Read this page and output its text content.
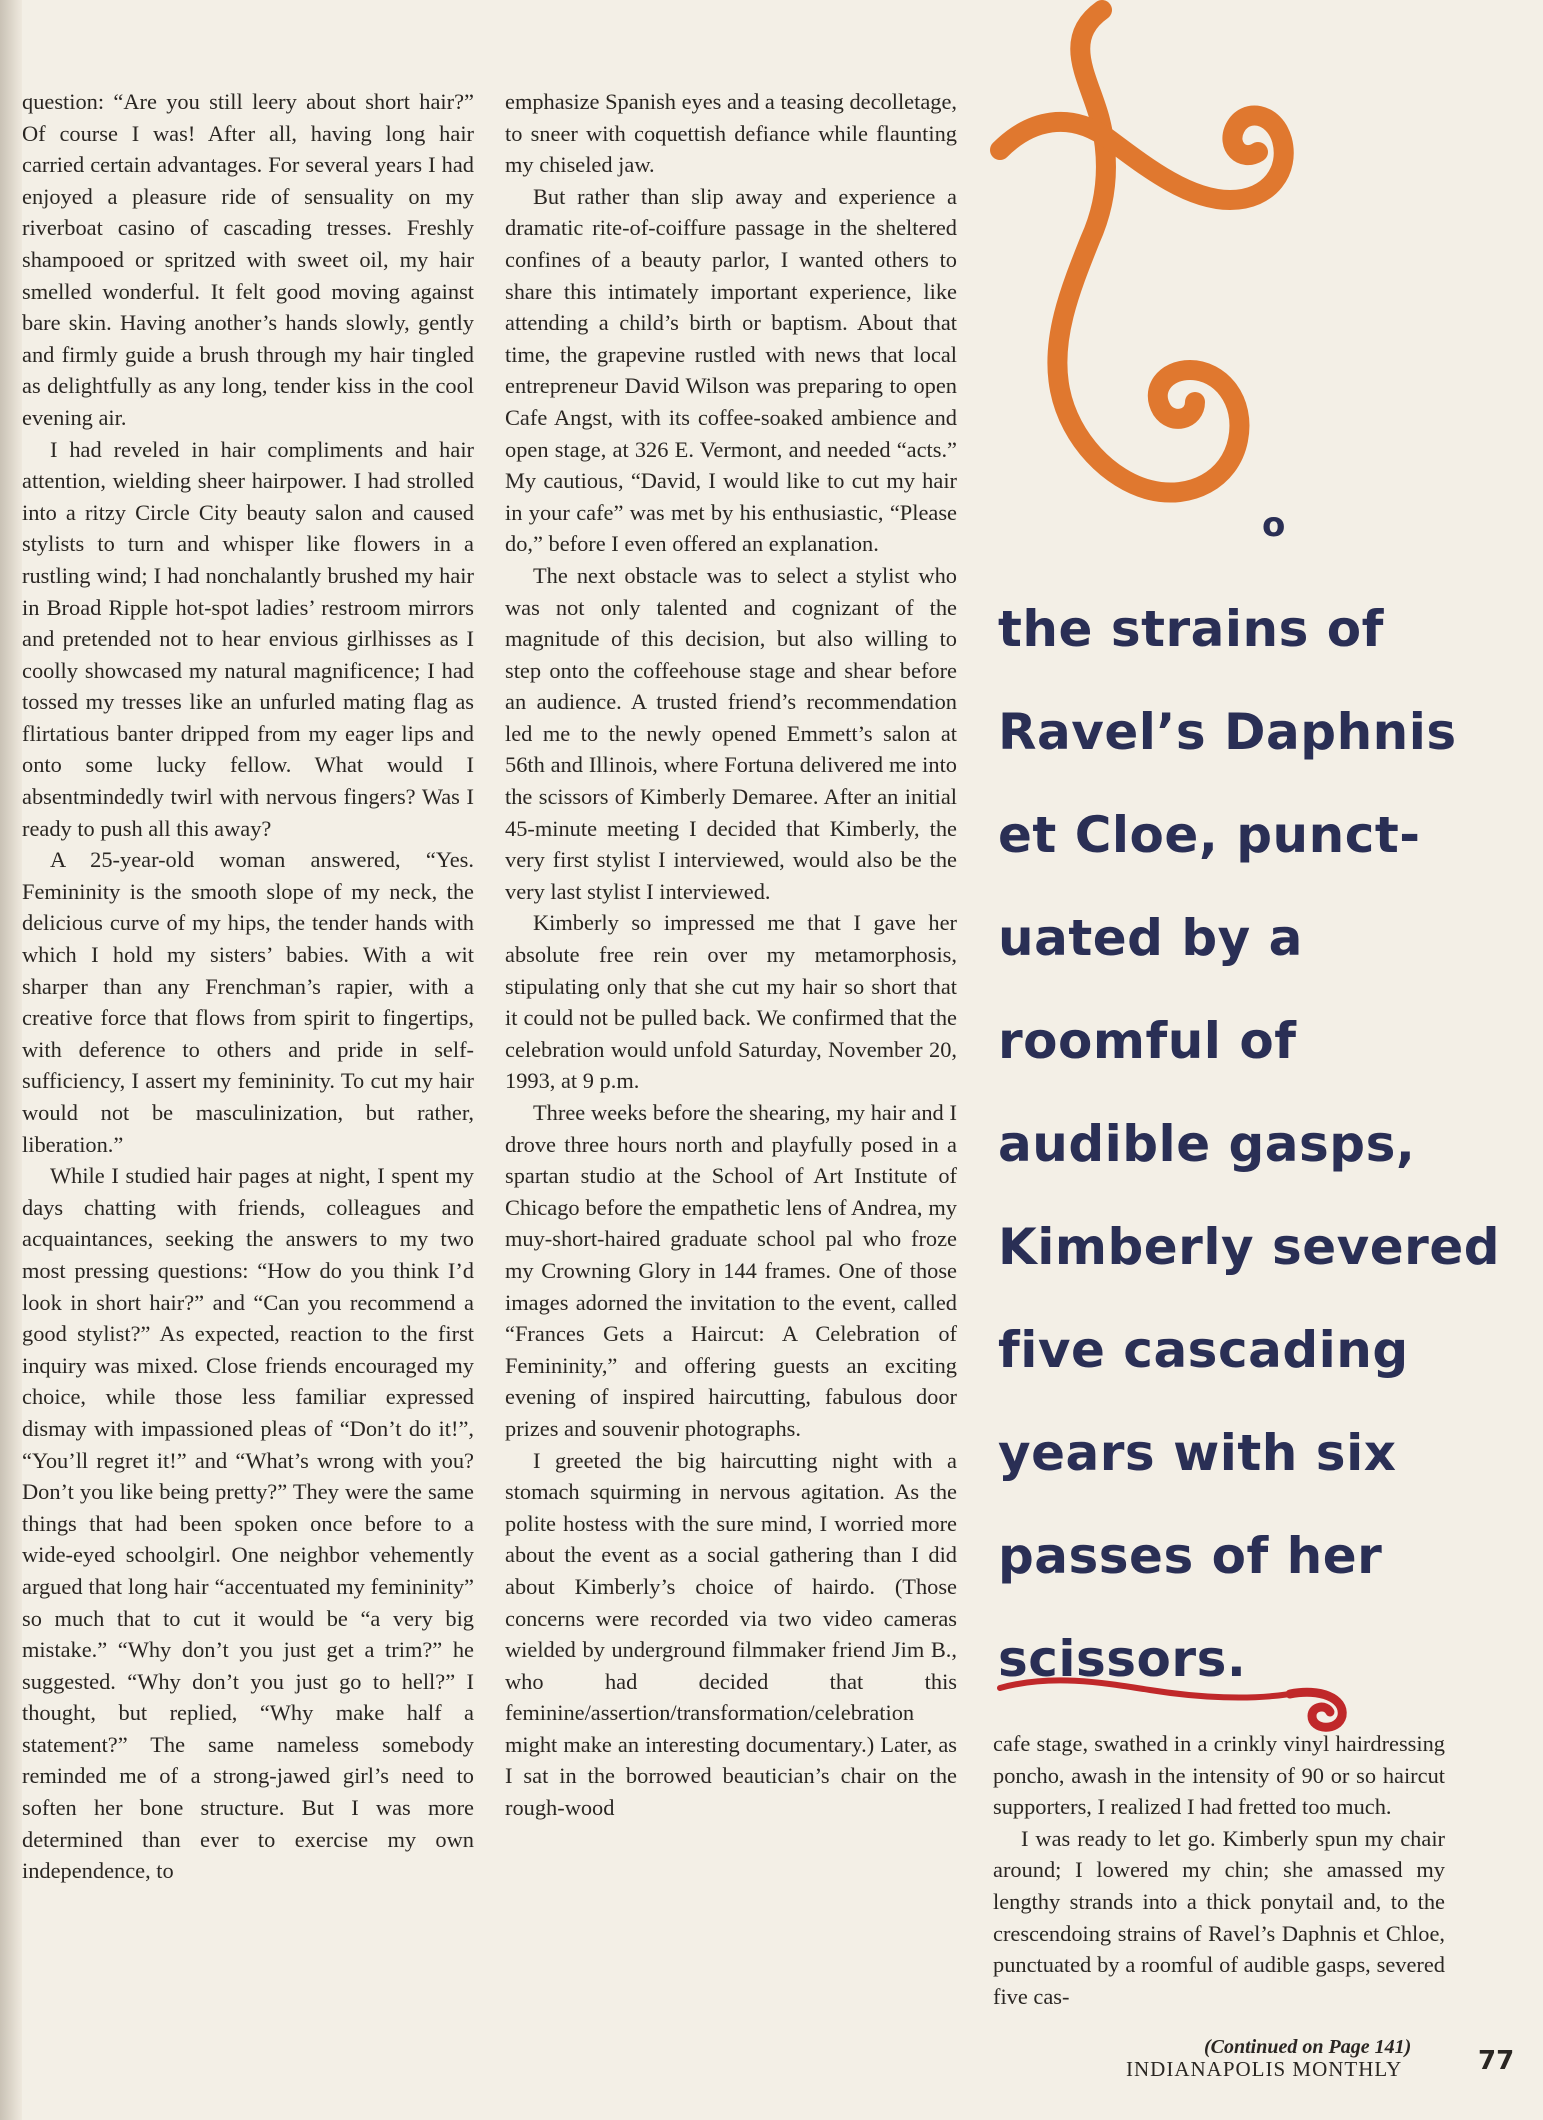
question: “Are you still leery about short hair?” Of course I was! After all, having long hair carried certain advantages. For several years I had enjoyed a pleasure ride of sensuality on my riverboat casino of cascading tresses. Freshly shampooed or spritzed with sweet oil, my hair smelled wonderful. It felt good moving against bare skin. Having another’s hands slowly, gently and firmly guide a brush through my hair tingled as delightfully as any long, tender kiss in the cool evening air.

I had reveled in hair compliments and hair attention, wielding sheer hairpower. I had strolled into a ritzy Circle City beauty salon and caused stylists to turn and whisper like flowers in a rustling wind; I had nonchalantly brushed my hair in Broad Ripple hot-spot ladies’ restroom mirrors and pretended not to hear envious girlhisses as I coolly showcased my natural magnificence; I had tossed my tresses like an unfurled mating flag as flirtatious banter dripped from my eager lips and onto some lucky fellow. What would I absentmindedly twirl with nervous fingers? Was I ready to push all this away?

A 25-year-old woman answered, “Yes. Femininity is the smooth slope of my neck, the delicious curve of my hips, the tender hands with which I hold my sisters’ babies. With a wit sharper than any Frenchman’s rapier, with a creative force that flows from spirit to fingertips, with deference to others and pride in self-sufficiency, I assert my femininity. To cut my hair would not be masculinization, but rather, liberation.”

While I studied hair pages at night, I spent my days chatting with friends, colleagues and acquaintances, seeking the answers to my two most pressing questions: “How do you think I’d look in short hair?” and “Can you recommend a good stylist?” As expected, reaction to the first inquiry was mixed. Close friends encouraged my choice, while those less familiar expressed dismay with impassioned pleas of “Don’t do it!”, “You’ll regret it!” and “What’s wrong with you? Don’t you like being pretty?” They were the same things that had been spoken once before to a wide-eyed schoolgirl. One neighbor vehemently argued that long hair “accentuated my femininity” so much that to cut it would be “a very big mistake.” “Why don’t you just get a trim?” he suggested. “Why don’t you just go to hell?” I thought, but replied, “Why make half a statement?” The same nameless somebody reminded me of a strong-jawed girl’s need to soften her bone structure. But I was more determined than ever to exercise my own independence, to

emphasize Spanish eyes and a teasing decolletage, to sneer with coquettish defiance while flaunting my chiseled jaw.

But rather than slip away and experience a dramatic rite-of-coiffure passage in the sheltered confines of a beauty parlor, I wanted others to share this intimately important experience, like attending a child’s birth or baptism. About that time, the grapevine rustled with news that local entrepreneur David Wilson was preparing to open Cafe Angst, with its coffee-soaked ambience and open stage, at 326 E. Vermont, and needed “acts.” My cautious, “David, I would like to cut my hair in your cafe” was met by his enthusiastic, “Please do,” before I even offered an explanation.

The next obstacle was to select a stylist who was not only talented and cognizant of the magnitude of this decision, but also willing to step onto the coffeehouse stage and shear before an audience. A trusted friend’s recommendation led me to the newly opened Emmett’s salon at 56th and Illinois, where Fortuna delivered me into the scissors of Kimberly Demaree. After an initial 45-minute meeting I decided that Kimberly, the very first stylist I interviewed, would also be the very last stylist I interviewed.

Kimberly so impressed me that I gave her absolute free rein over my metamorphosis, stipulating only that she cut my hair so short that it could not be pulled back. We confirmed that the celebration would unfold Saturday, November 20, 1993, at 9 p.m.

Three weeks before the shearing, my hair and I drove three hours north and playfully posed in a spartan studio at the School of Art Institute of Chicago before the empathetic lens of Andrea, my muy-short-haired graduate school pal who froze my Crowning Glory in 144 frames. One of those images adorned the invitation to the event, called “Frances Gets a Haircut: A Celebration of Femininity,” and offering guests an exciting evening of inspired haircutting, fabulous door prizes and souvenir photographs.

I greeted the big haircutting night with a stomach squirming in nervous agitation. As the polite hostess with the sure mind, I worried more about the event as a social gathering than I did about Kimberly’s choice of hairdo. (Those concerns were recorded via two video cameras wielded by underground filmmaker friend Jim B., who had decided that this feminine/assertion/transformation/celebration might make an interesting documentary.) Later, as I sat in the borrowed beautician’s chair on the rough-wood

o
the strains of
Ravel’s Daphnis
et Cloe, punct-
uated by a
roomful of
audible gasps,
Kimberly severed
five cascading
years with six
passes of her
scissors.

cafe stage, swathed in a crinkly vinyl hairdressing poncho, awash in the intensity of 90 or so haircut supporters, I realized I had fretted too much.

I was ready to let go. Kimberly spun my chair around; I lowered my chin; she amassed my lengthy strands into a thick ponytail and, to the crescendoing strains of Ravel’s Daphnis et Chloe, punctuated by a roomful of audible gasps, severed five cas-

(Continued on Page 141)
INDIANAPOLIS MONTHLY	77
